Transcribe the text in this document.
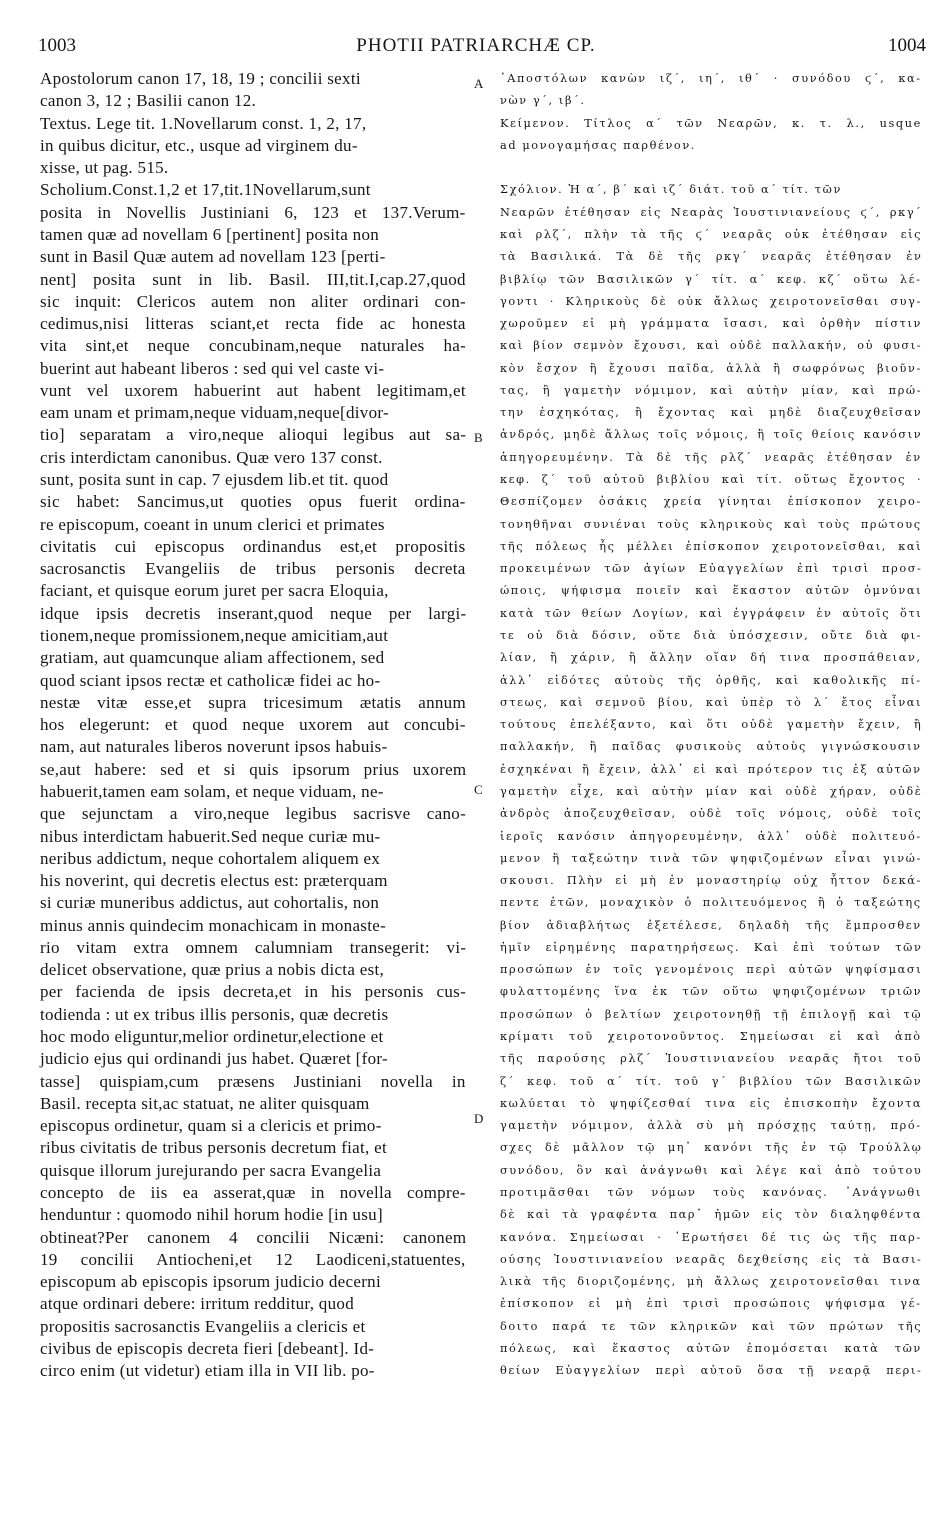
1003	PHOTII PATRIARCHÆ CP.	1004
Apostolorum canon 17, 18, 19 ; concilii sexti
canon 3, 12 ; Basilii canon 12.
Textus. Lege tit. 1.Novellarum const. 1, 2, 17,
in quibus dicitur, etc., usque ad virginem du-
xisse, ut pag. 515.
Scholium.Const.1,2 et 17,tit.1Novellarum,sunt
posita in Novellis Justiniani 6, 123 et 137.Verum-
tamen quæ ad novellam 6 [pertinent] posita non
sunt in Basil Quæ autem ad novellam 123 [perti-
nent] posita sunt in lib. Basil. III,tit.I,cap.27,quod
sic inquit: Clericos autem non aliter ordinari con-
cedimus,nisi litteras sciant,et recta fide ac honesta
vita sint,et neque concubinam,neque naturales ha-
buerint aut habeant liberos : sed qui vel caste vi-
vunt vel uxorem habuerint aut habent legitimam,et
eam unam et primam,neque viduam,neque[divor-
tio] separatam a viro,neque alioqui legibus aut sa-
cris interdictam canonibus. Quæ vero 137 const.
sunt, posita sunt in cap. 7 ejusdem lib.et tit. quod
sic habet: Sancimus,ut quoties opus fuerit ordina-
re episcopum, coeant in unum clerici et primates
civitatis cui episcopus ordinandus est,et propositis
sacrosanctis Evangeliis de tribus personis decreta
faciant, et quisque eorum juret per sacra Eloquia,
idque ipsis decretis inserant,quod neque per largi-
tionem,neque promissionem,neque amicitiam,aut
gratiam, aut quamcunque aliam affectionem, sed
quod sciant ipsos rectæ et catholicæ fidei ac ho-
nestæ vitæ esse,et supra tricesimum ætatis annum
hos elegerunt: et quod neque uxorem aut concubi-
nam, aut naturales liberos noverunt ipsos habuis-
se,aut habere: sed et si quis ipsorum prius uxorem
habuerit,tamen eam solam, et neque viduam, ne-
que sejunctam a viro,neque legibus sacrisve cano-
nibus interdictam habuerit.Sed neque curiæ mu-
neribus addictum, neque cohortalem aliquem ex
his noverint, qui decretis electus est: præterquam
si curiæ muneribus addictus, aut cohortalis, non
minus annis quindecim monachicam in monaste-
rio vitam extra omnem calumniam transegerit: vi-
delicet observatione, quæ prius a nobis dicta est,
per facienda de ipsis decreta,et in his personis cus-
todienda : ut ex tribus illis personis, quæ decretis
hoc modo eliguntur,melior ordinetur,electione et
judicio ejus qui ordinandi jus habet. Quæret [for-
tasse] quispiam,cum præsens Justiniani novella in
Basil. recepta sit,ac statuat, ne aliter quisquam
episcopus ordinetur, quam si a clericis et primo-
ribus civitatis de tribus personis decretum fiat, et
quisque illorum jurejurando per sacra Evangelia
concepto de iis ea asserat,quæ in novella compre-
henduntur : quomodo nihil horum hodie [in usu]
obtineat?Per canonem 4 concilii Nicæni: canonem
19 concilii Antiocheni,et 12 Laodiceni,statuentes,
episcopum ab episcopis ipsorum judicio decerni
atque ordinari debere: irritum redditur, quod
propositis sacrosanctis Evangeliis a clericis et
civibus de episcopis decreta fieri [debeant]. Id-
circo enim (ut videtur) etiam illa in VII lib. po-
᾿Αποστόλων κανὼν ιζ΄, ιη΄, ιθ΄ · συνόδου ϛ΄, κα-
νὼν γ΄, ιβ΄.
Κείμενον. Τίτλος α΄ τῶν Νεαρῶν, κ. τ. λ., usque
ad μονογαμήσας παρθένον.
Σχόλιον. Ἡ α΄, β΄ καὶ ιζ΄ διάτ. τοῦ α΄ τίτ. τῶν
Νεαρῶν ἐτέθησαν εἰς Νεαρὰς Ἰουστινιανείους ϛ΄, ρκγ΄
καὶ ρλζ΄, πλὴν τὰ τῆς ϛ΄ νεαρᾶς οὐκ ἐτέθησαν εἰς
τὰ Βασιλικά. Τὰ δὲ τῆς ρκγ΄ νεαρᾶς ἐτέθησαν ἐν
βιβλίῳ τῶν Βασιλικῶν γ΄ τίτ. α΄ κεφ. κζ΄ οὕτω λέ-
γοντι · Κληρικοὺς δὲ οὐκ ἄλλως χειροτονεῖσθαι συγ-
χωροῦμεν εἰ μὴ γράμματα ἴσασι, καὶ ὀρθὴν πίστιν
καὶ βίον σεμνὸν ἔχουσι, καὶ οὐδὲ παλλακήν, οὐ φυσι-
κὸν ἔσχον ἢ ἔχουσι παῖδα, ἀλλὰ ἢ σωφρόνως βιοῦν-
τας, ἢ γαμετὴν νόμιμον, καὶ αὐτὴν μίαν, καὶ πρώ-
την ἐσχηκότας, ἢ ἔχοντας καὶ μηδὲ διαζευχθεῖσαν
ἀνδρός, μηδὲ ἄλλως τοῖς νόμοις, ἢ τοῖς θείοις κανόσιν
ἀπηγορευμένην. Τὰ δὲ τῆς ρλζ΄ νεαρᾶς ἐτέθησαν ἐν
κεφ. ζ΄ τοῦ αὐτοῦ βιβλίου καὶ τίτ. οὕτως ἔχοντος ·
Θεσπίζομεν ὁσάκις χρεία γίνηται ἐπίσκοπον χειρο-
τονηθῆναι συνιέναι τοὺς κληρικοὺς καὶ τοὺς πρώτους
τῆς πόλεως ἧς μέλλει ἐπίσκοπον χειροτονεῖσθαι, καὶ
προκειμένων τῶν ἁγίων Εὐαγγελίων ἐπὶ τρισὶ προσ-
ώποις, ψήφισμα ποιεῖν καὶ ἕκαστον αὐτῶν ὀμνύναι
κατὰ τῶν θείων Λογίων, καὶ ἐγγράφειν ἐν αὐτοῖς ὅτι
τε οὐ διὰ δόσιν, οὔτε διὰ ὑπόσχεσιν, οὔτε διὰ φι-
λίαν, ἢ χάριν, ἢ ἄλλην οἵαν δή τινα προσπάθειαν,
ἀλλ᾿ εἰδότες αὐτοὺς τῆς ὀρθῆς, καὶ καθολικῆς πί-
στεως, καὶ σεμνοῦ βίου, καὶ ὑπὲρ τὸ λ΄ ἔτος εἶναι
τούτους ἐπελέξαντο, καὶ ὅτι οὐδὲ γαμετὴν ἔχειν, ἢ
παλλακήν, ἢ παῖδας φυσικοὺς αὐτοὺς γιγνώσκουσιν
ἐσχηκέναι ἢ ἔχειν, ἀλλ᾿ εἰ καὶ πρότερον τις ἐξ αὐτῶν
γαμετὴν εἶχε, καὶ αὐτὴν μίαν καὶ οὐδὲ χήραν, οὐδὲ
ἀνδρὸς ἀποζευχθεῖσαν, οὐδὲ τοῖς νόμοις, οὐδὲ τοῖς
ἱεροῖς κανόσιν ἀπηγορευμένην, ἀλλ᾿ οὐδὲ πολιτευό-
μενον ἢ ταξεώτην τινὰ τῶν ψηφιζομένων εἶναι γινώ-
σκουσι. Πλὴν εἰ μὴ ἐν μοναστηρίῳ οὐχ ἧττον δεκά-
πεντε ἐτῶν, μοναχικὸν ὁ πολιτευόμενος ἢ ὁ ταξεώτης
βίον ἀδιαβλήτως ἐξετέλεσε, δηλαδὴ τῆς ἔμπροσθεν
ἡμῖν εἰρημένης παρατηρήσεως. Καὶ ἐπὶ τούτων τῶν
προσώπων ἐν τοῖς γενομένοις περὶ αὐτῶν ψηφίσμασι
φυλαττομένης ἵνα ἐκ τῶν οὕτω ψηφιζομένων τριῶν
προσώπων ὁ βελτίων χειροτονηθῇ τῇ ἐπιλογῇ καὶ τῷ
κρίματι τοῦ χειροτονοῦντος. Σημείωσαι εἰ καὶ ἀπὸ
τῆς παρούσης ρλζ΄ Ἰουστινιανείου νεαρᾶς ἤτοι τοῦ
ζ΄ κεφ. τοῦ α΄ τίτ. τοῦ γ΄ βιβλίου τῶν Βασιλικῶν
κωλύεται τὸ ψηφίζεσθαί τινα εἰς ἐπισκοπὴν ἔχοντα
γαμετὴν νόμιμον, ἀλλὰ σὺ μὴ πρόσχῃς ταύτῃ, πρό-
σχες δὲ μᾶλλον τῷ μη᾿ κανόνι τῆς ἐν τῷ Τρούλλῳ
συνόδου, ὃν καὶ ἀνάγνωθι καὶ λέγε καὶ ἀπὸ τούτου
προτιμᾶσθαι τῶν νόμων τοὺς κανόνας. ᾿Ανάγνωθι
δὲ καὶ τὰ γραφέντα παρ᾿ ἡμῶν εἰς τὸν διαληφθέντα
κανόνα. Σημείωσαι · ᾿Ερωτήσει δέ τις ὡς τῆς παρ-
ούσης Ἰουστινιανείου νεαρᾶς δεχθείσης εἰς τὰ Βασι-
λικὰ τῆς διοριζομένης, μὴ ἄλλως χειροτονεῖσθαι τινα
ἐπίσκοπον εἰ μὴ ἐπὶ τρισὶ προσώποις ψήφισμα γέ-
δοιτο παρά τε τῶν κληρικῶν καὶ τῶν πρώτων τῆς
πόλεως, καὶ ἕκαστος αὐτῶν ἐπομόσεται κατὰ τῶν
θείων Εὐαγγελίων περὶ αὐτοῦ ὅσα τῇ νεαρᾷ περι-
A
B
C
D
